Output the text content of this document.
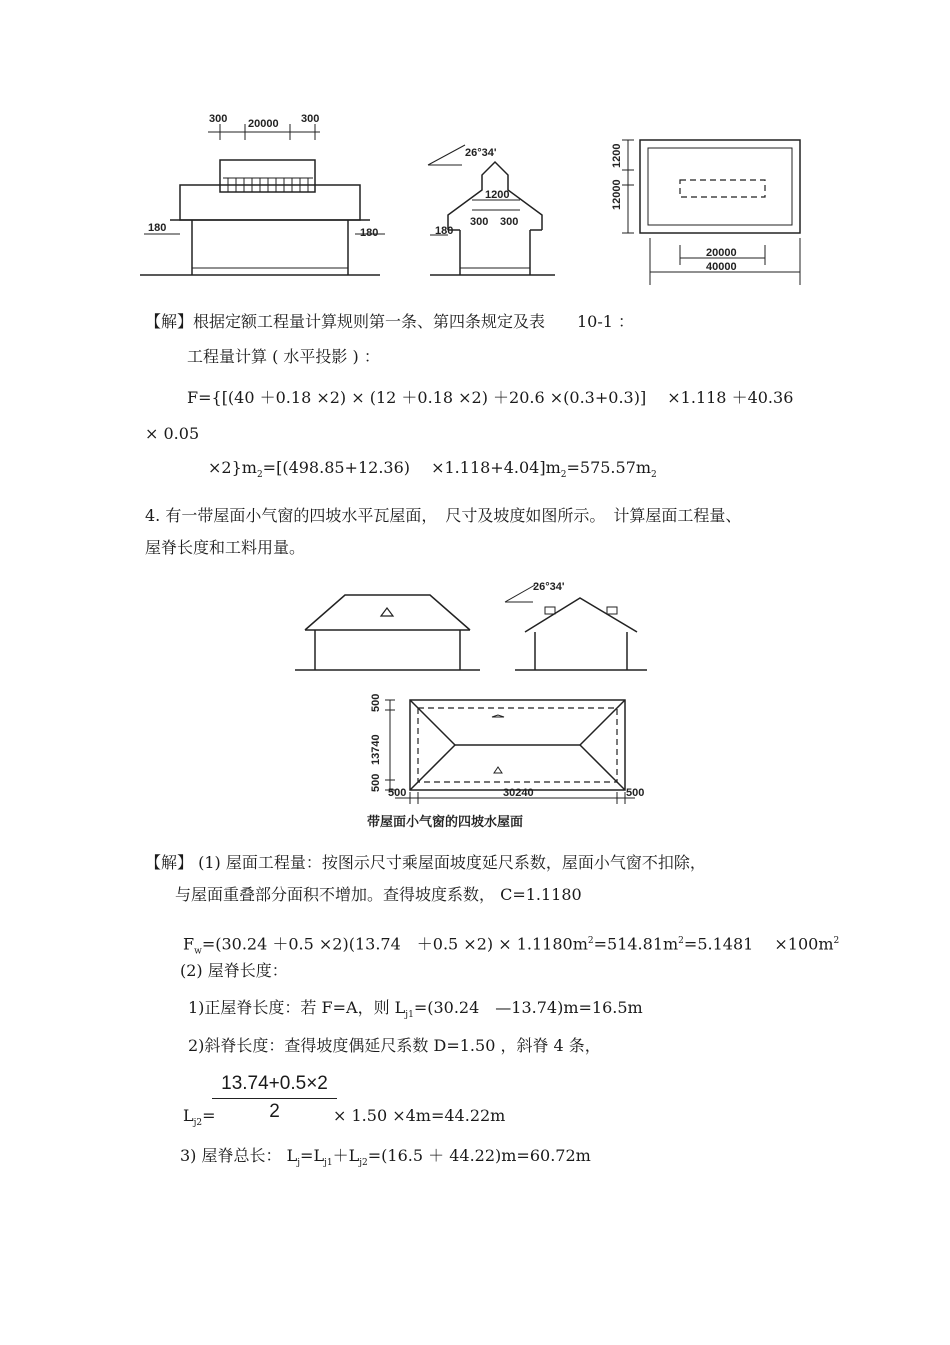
300 20000 300
180	180
26°34'
1200
300 300
180
12000
1200
20000
40000
【解】根据定额工程量计算规则第一条、第四条规定及表　　10-1 ：
工程量计算 ( 水平投影 ) ：
F={[(40 ＋0.18 ×2) × (12 ＋0.18 ×2) ＋20.6 ×(0.3+0.3)]　 ×1.118 ＋40.36
× 0.05
$\times 2\}m_2=[(498.85+12.36)$　 $\times 1.118+4.04]m_2=575.57m_2$
4. 有一带屋面小气窗的四坡水平瓦屋面，　尺寸及坡度如图所示。　计算屋面工程量、
屋脊长度和工料用量。
26°34'
500
13740
500
500	30240	500
带屋面小气窗的四坡水屋面
【解】 (1) 屋面工程量：按图示尺寸乘屋面坡度延尺系数，屋面小气窗不扣除，
与屋面重叠部分面积不增加。查得坡度系数， C=1.1180
$F_w=(30.24 +0.5 \times 2)(13.74$　$+0.5 \times 2) \times 1.1180m^2=514.81m^2=5.1481$　 $\times 100m^2$
(2) 屋脊长度：
1)正屋脊长度：若 F=A，则 $L_{j1}=(30.24$　—13.74)m=16.5m
2)斜脊长度：查得坡度偶延尺系数 D=1.50 ，斜脊 4 条，
13.74+0.5×2
2
$L_{j2}=$	× 1.50 ×4m=44.22m
3) 屋脊总长： $L_j=L_{j1}+L_{j2}=(16.5 + 44.22)m=60.72m$
